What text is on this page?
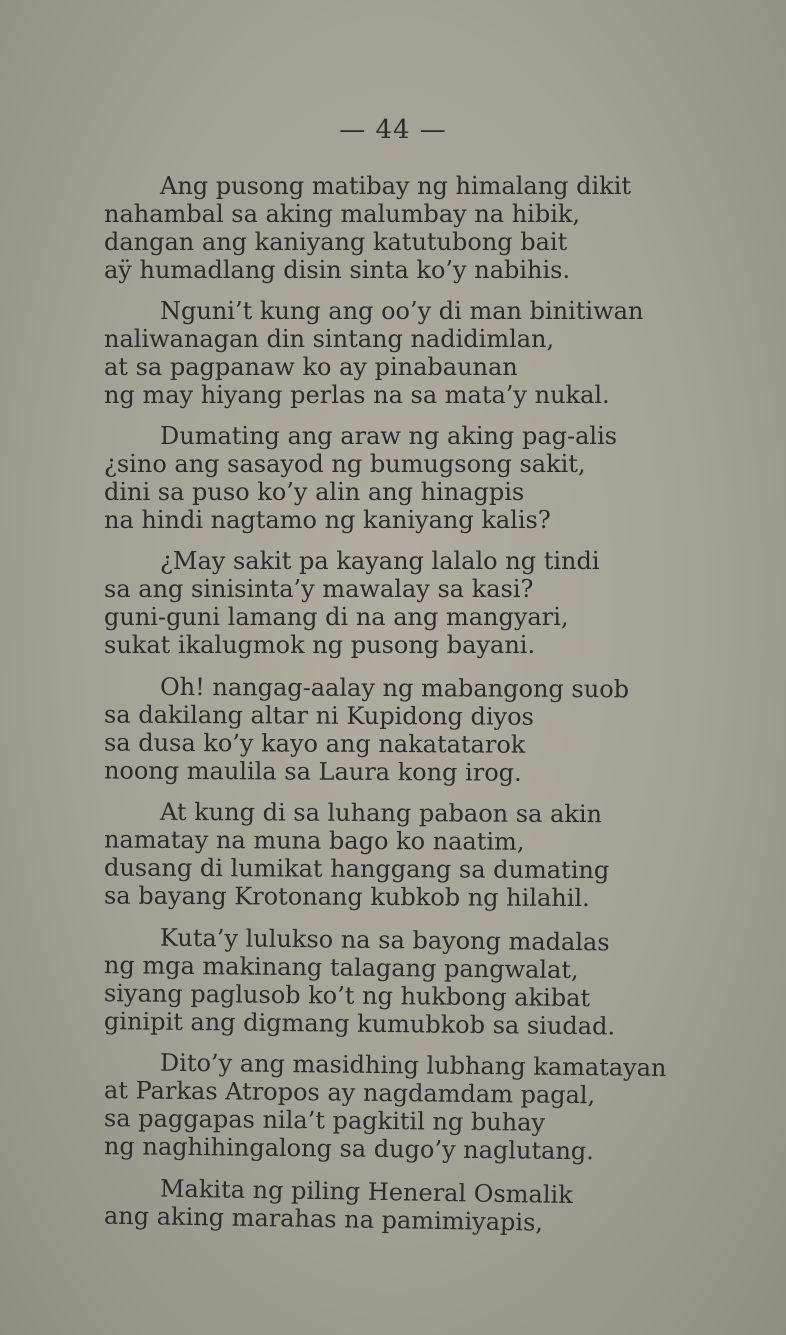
— 44 —
Ang pusong matibay ng himalang dikit
nahambal sa aking malumbay na hibik,
dangan ang kaniyang katutubong bait
aÿ humadlang disin sinta ko’y nabihis.
Nguni’t kung ang oo’y di man binitiwan
naliwanagan din sintang nadidimlan,
at sa pagpanaw ko ay pinabaunan
ng may hiyang perlas na sa mata’y nukal.
Dumating ang araw ng aking pag-alis
¿sino ang sasayod ng bumugsong sakit,
dini sa puso ko’y alin ang hinagpis
na hindi nagtamo ng kaniyang kalis?
¿May sakit pa kayang lalalo ng tindi
sa ang sinisinta’y mawalay sa kasi?
guni-guni lamang di na ang mangyari,
sukat ikalugmok ng pusong bayani.
Oh! nangag-aalay ng mabangong suob
sa dakilang altar ni Kupidong diyos
sa dusa ko’y kayo ang nakatatarok
noong maulila sa Laura kong irog.
At kung di sa luhang pabaon sa akin
namatay na muna bago ko naatim,
dusang di lumikat hanggang sa dumating
sa bayang Krotonang kubkob ng hilahil.
Kuta’y lulukso na sa bayong madalas
ng mga makinang talagang pangwalat,
siyang paglusob ko’t ng hukbong akibat
ginipit ang digmang kumubkob sa siudad.
Dito’y ang masidhing lubhang kamatayan
at Parkas Atropos ay nagdamdam pagal,
sa paggapas nila’t pagkitil ng buhay
ng naghihingalong sa dugo’y naglutang.
Makita ng piling Heneral Osmalik
ang aking marahas na pamimiyapis,
